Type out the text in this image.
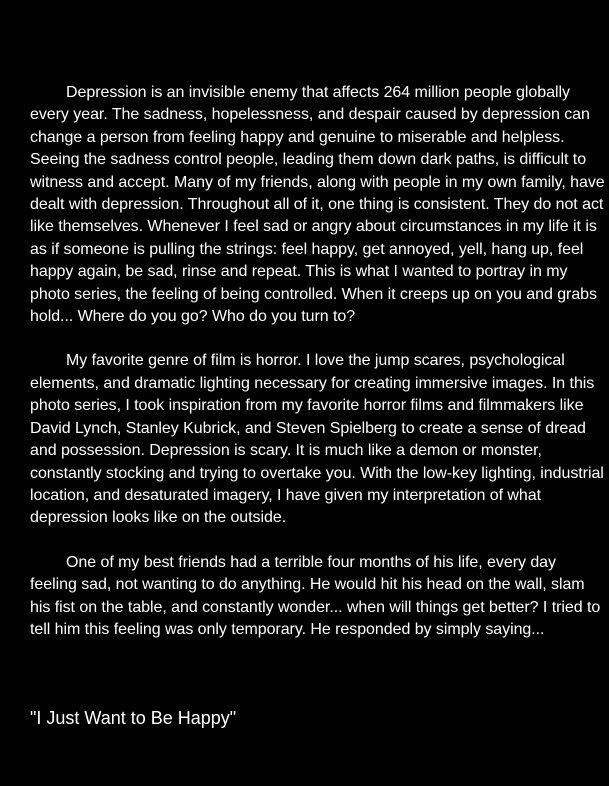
Depression is an invisible enemy that affects 264 million people globally every year. The sadness, hopelessness, and despair caused by depression can change a person from feeling happy and genuine to miserable and helpless. Seeing the sadness control people, leading them down dark paths, is difficult to witness and accept. Many of my friends, along with people in my own family, have dealt with depression. Throughout all of it, one thing is consistent. They do not act like themselves. Whenever I feel sad or angry about circumstances in my life it is as if someone is pulling the strings: feel happy, get annoyed, yell, hang up, feel happy again, be sad, rinse and repeat. This is what I wanted to portray in my photo series, the feeling of being controlled. When it creeps up on you and grabs hold... Where do you go? Who do you turn to?

My favorite genre of film is horror. I love the jump scares, psychological elements, and dramatic lighting necessary for creating immersive images. In this photo series, I took inspiration from my favorite horror films and filmmakers like David Lynch, Stanley Kubrick, and Steven Spielberg to create a sense of dread and possession. Depression is scary. It is much like a demon or monster, constantly stocking and trying to overtake you. With the low-key lighting, industrial location, and desaturated imagery, I have given my interpretation of what depression looks like on the outside.

One of my best friends had a terrible four months of his life, every day feeling sad, not wanting to do anything. He would hit his head on the wall, slam his fist on the table, and constantly wonder... when will things get better? I tried to tell him this feeling was only temporary. He responded by simply saying...

"I Just Want to Be Happy"
